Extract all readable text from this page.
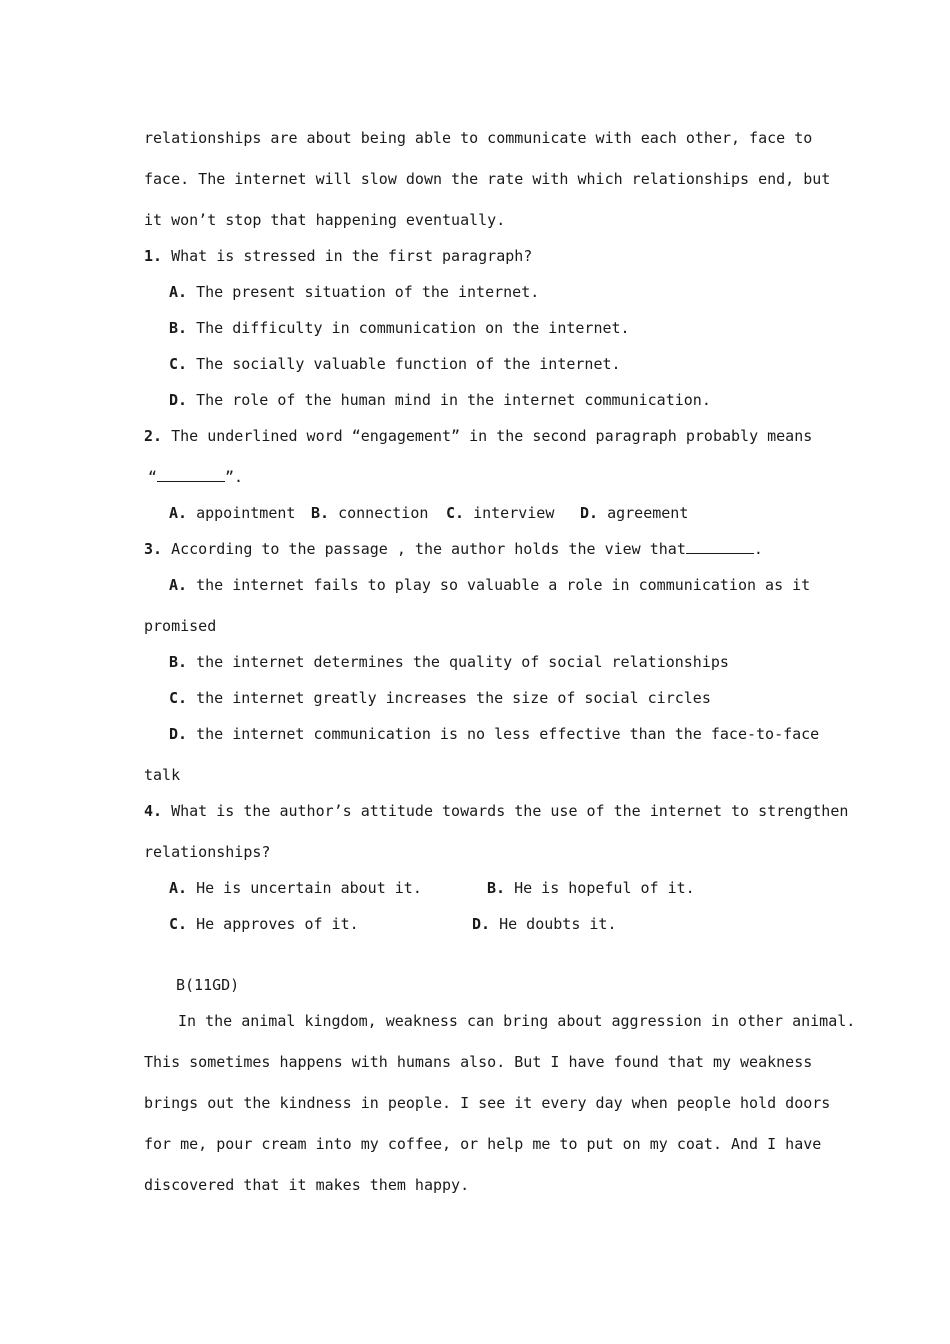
relationships are about being able to communicate with each other, face to
face. The internet will slow down the rate with which relationships end, but
it won’t stop that happening eventually.
1. What is stressed in the first paragraph?
A. The present situation of the internet.
B. The difficulty in communication on the internet.
C. The socially valuable function of the internet.
D. The role of the human mind in the internet communication.
2. The underlined word “engagement” in the second paragraph probably means
“	”.
A. appointment B. connection C. interview D. agreement
3. According to the passage , the author holds the view that	.
A. the internet fails to play so valuable a role in communication as it
promised
B. the internet determines the quality of social relationships
C. the internet greatly increases the size of social circles
D. the internet communication is no less effective than the face-to-face
talk
4. What is the author’s attitude towards the use of the internet to strengthen
relationships?
A. He is uncertain about it.	B. He is hopeful of it.
C. He approves of it.	D. He doubts it.
B(11GD)
In the animal kingdom, weakness can bring about aggression in other animal.
This sometimes happens with humans also. But I have found that my weakness
brings out the kindness in people. I see it every day when people hold doors
for me, pour cream into my coffee, or help me to put on my coat. And I have
discovered that it makes them happy.
